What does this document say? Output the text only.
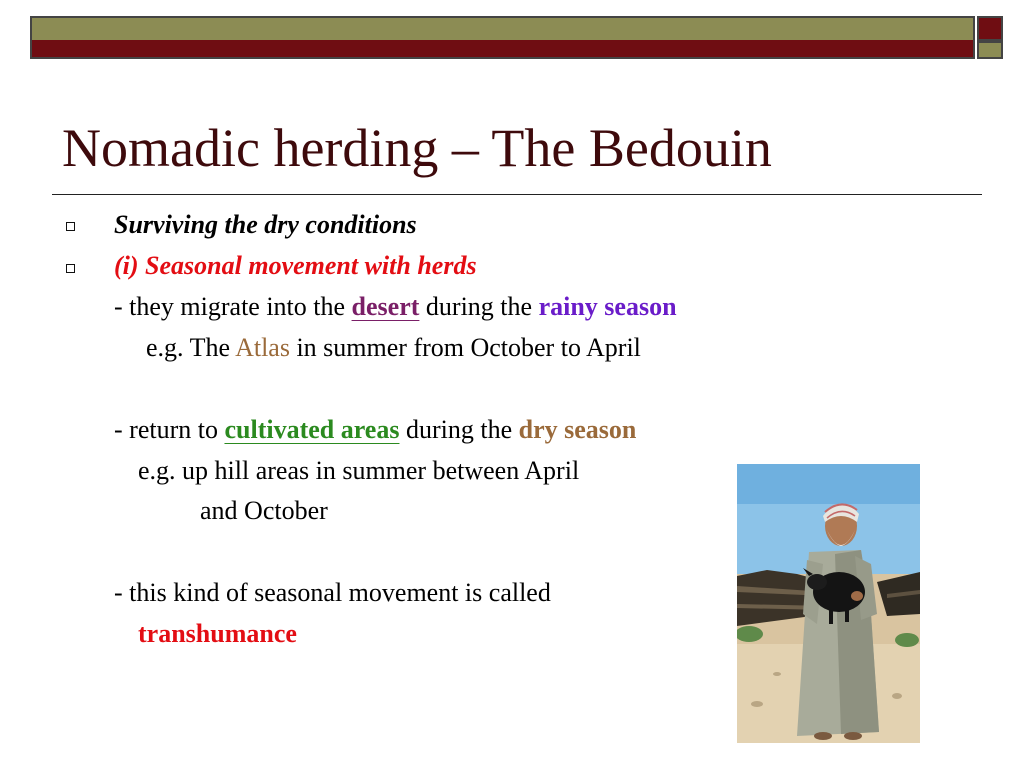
Nomadic herding – The Bedouin
Surviving the dry conditions
(i) Seasonal movement with herds
- they migrate into the desert during the rainy season
e.g. The Atlas in summer from October to April
- return to cultivated areas during the dry season
e.g. up hill areas in summer between April
and October
- this kind of seasonal movement is called
transhumance
